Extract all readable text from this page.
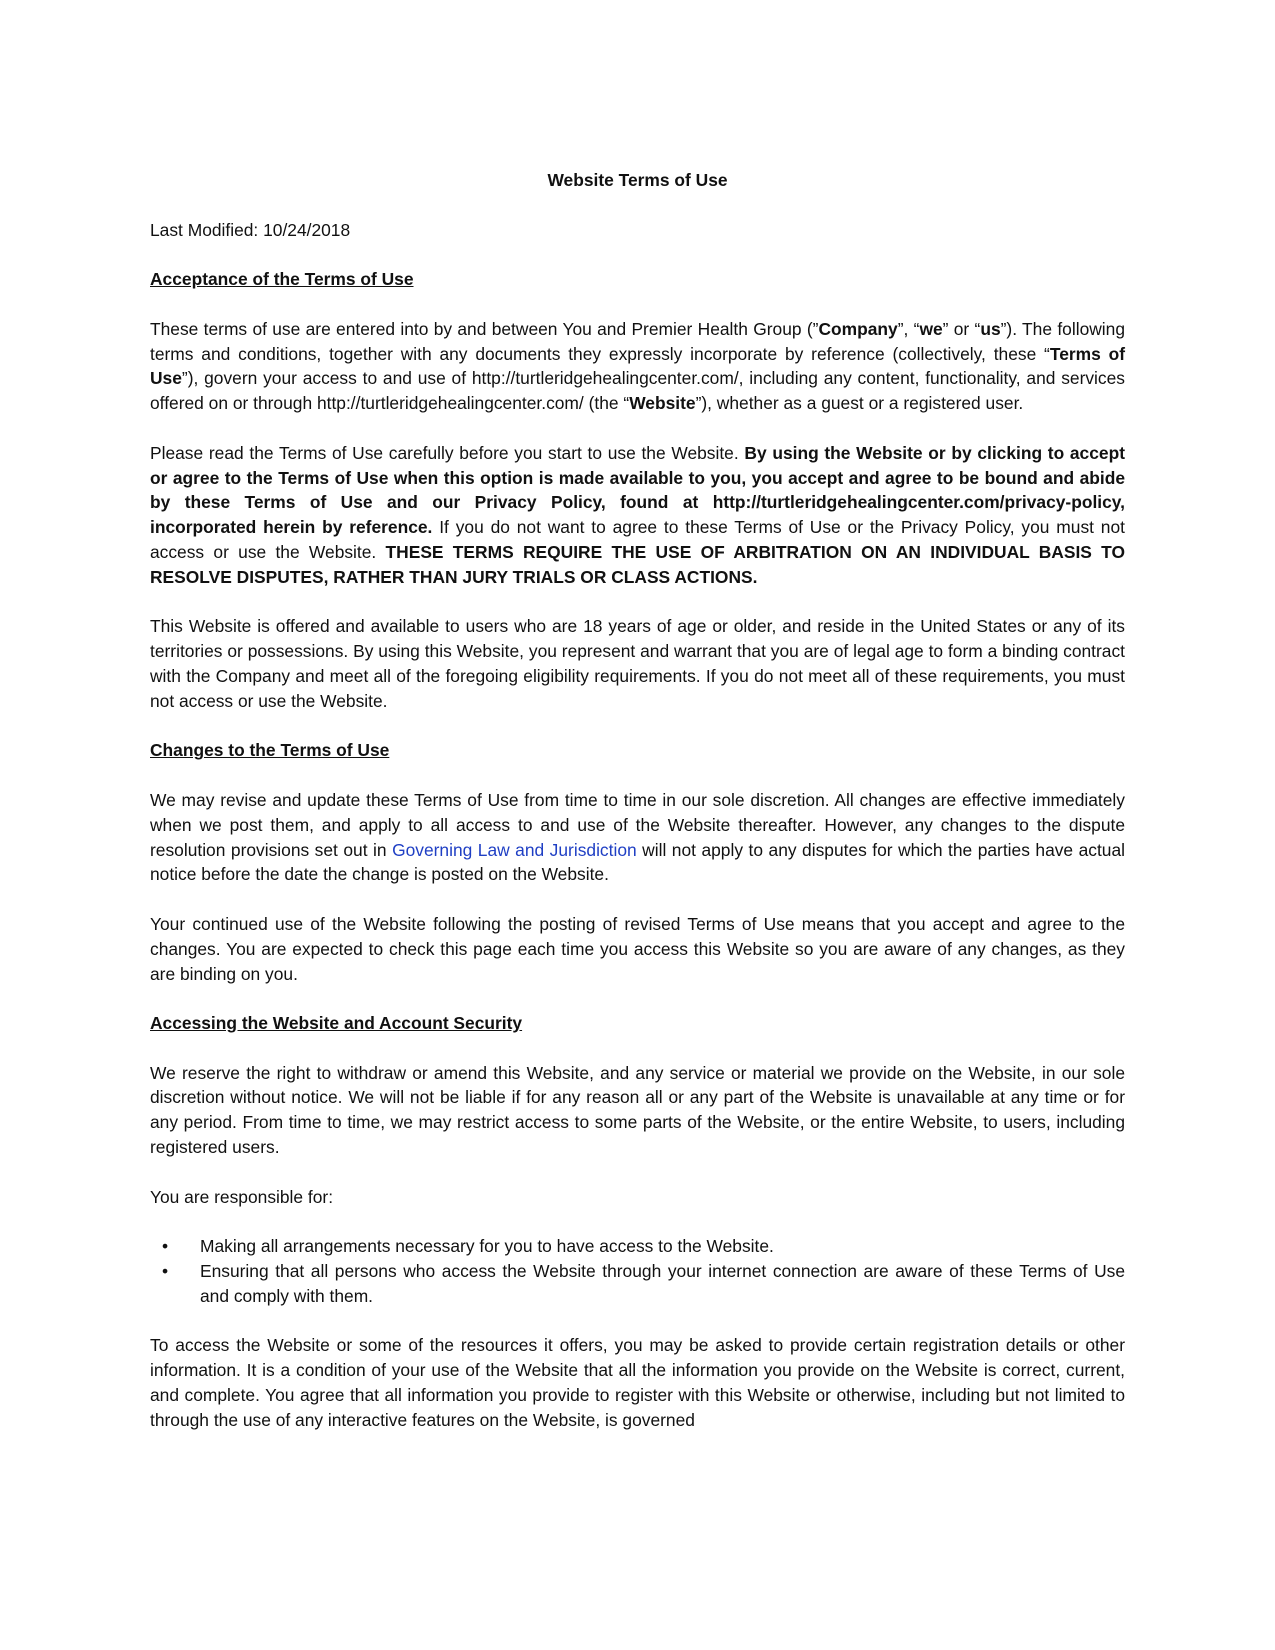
Website Terms of Use

Last Modified: 10/24/2018

Acceptance of the Terms of Use

These terms of use are entered into by and between You and Premier Health Group (”Company”, “we” or “us”). The following terms and conditions, together with any documents they expressly incorporate by reference (collectively, these “Terms of Use”), govern your access to and use of http://turtleridgehealingcenter.com/, including any content, functionality, and services offered on or through http://turtleridgehealingcenter.com/ (the “Website”), whether as a guest or a registered user.

Please read the Terms of Use carefully before you start to use the Website. By using the Website or by clicking to accept or agree to the Terms of Use when this option is made available to you, you accept and agree to be bound and abide by these Terms of Use and our Privacy Policy, found at http://turtleridgehealingcenter.com/privacy-policy, incorporated herein by reference. If you do not want to agree to these Terms of Use or the Privacy Policy, you must not access or use the Website. THESE TERMS REQUIRE THE USE OF ARBITRATION ON AN INDIVIDUAL BASIS TO RESOLVE DISPUTES, RATHER THAN JURY TRIALS OR CLASS ACTIONS.

This Website is offered and available to users who are 18 years of age or older, and reside in the United States or any of its territories or possessions. By using this Website, you represent and warrant that you are of legal age to form a binding contract with the Company and meet all of the foregoing eligibility requirements. If you do not meet all of these requirements, you must not access or use the Website.

Changes to the Terms of Use

We may revise and update these Terms of Use from time to time in our sole discretion. All changes are effective immediately when we post them, and apply to all access to and use of the Website thereafter. However, any changes to the dispute resolution provisions set out in Governing Law and Jurisdiction will not apply to any disputes for which the parties have actual notice before the date the change is posted on the Website.

Your continued use of the Website following the posting of revised Terms of Use means that you accept and agree to the changes. You are expected to check this page each time you access this Website so you are aware of any changes, as they are binding on you.

Accessing the Website and Account Security

We reserve the right to withdraw or amend this Website, and any service or material we provide on the Website, in our sole discretion without notice. We will not be liable if for any reason all or any part of the Website is unavailable at any time or for any period. From time to time, we may restrict access to some parts of the Website, or the entire Website, to users, including registered users.

You are responsible for:

• Making all arrangements necessary for you to have access to the Website.
• Ensuring that all persons who access the Website through your internet connection are aware of these Terms of Use and comply with them.

To access the Website or some of the resources it offers, you may be asked to provide certain registration details or other information. It is a condition of your use of the Website that all the information you provide on the Website is correct, current, and complete. You agree that all information you provide to register with this Website or otherwise, including but not limited to through the use of any interactive features on the Website, is governed
